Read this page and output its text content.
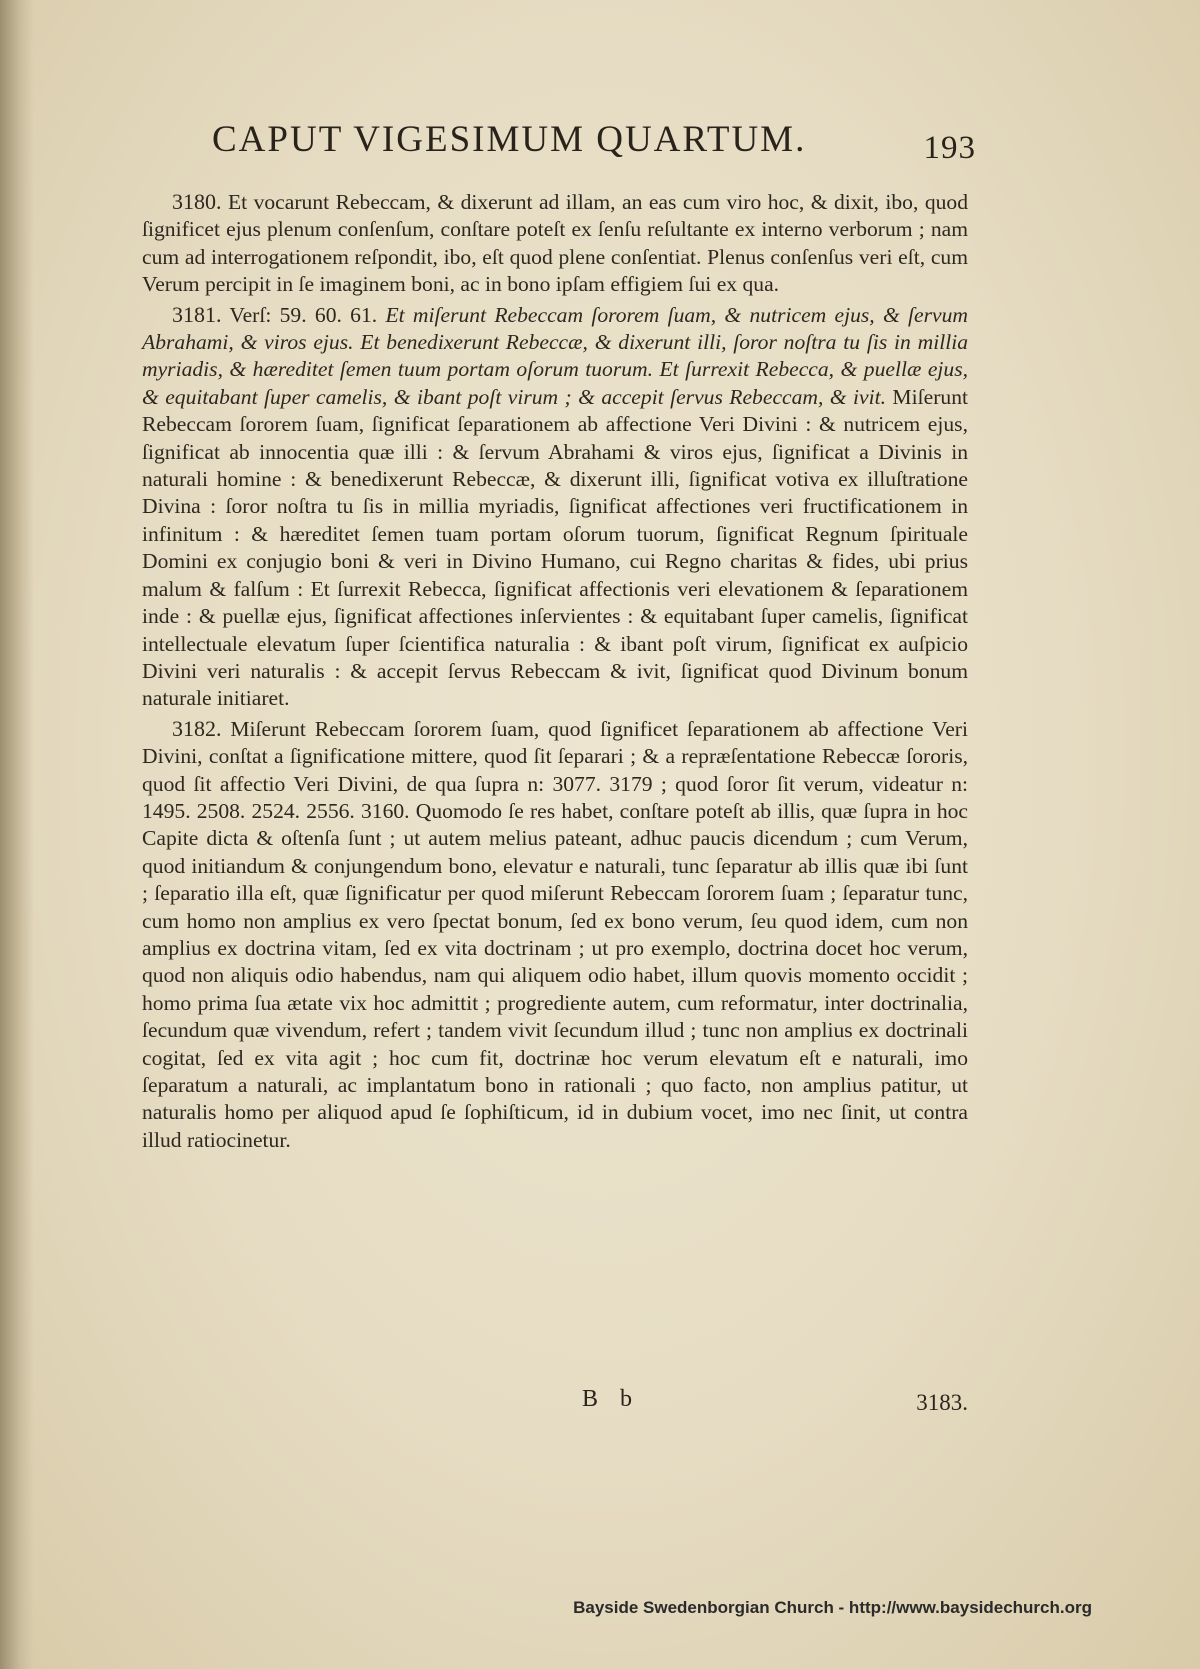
CAPUT VIGESIMUM QUARTUM.	193

3180. Et vocarunt Rebeccam, & dixerunt ad illam, an eas cum viro hoc, & dixit, ibo, quod ſignificet ejus plenum conſenſum, conſtare poteſt ex ſenſu reſultante ex interno verborum ; nam cum ad interrogationem reſpondit, ibo, eſt quod plene conſentiat. Plenus conſenſus veri eſt, cum Verum percipit in ſe imaginem boni, ac in bono ipſam effigiem ſui ex qua.

3181. Verſ: 59. 60. 61. Et miſerunt Rebeccam ſororem ſuam, & nutricem ejus, & ſervum Abrahami, & viros ejus. Et benedixerunt Rebeccæ, & dixerunt illi, ſoror noſtra tu ſis in millia myriadis, & hæreditet ſemen tuum portam oſorum tuorum. Et ſurrexit Rebecca, & puellæ ejus, & equitabant ſuper camelis, & ibant poſt virum ; & accepit ſervus Rebeccam, & ivit. Miſerunt Rebeccam ſororem ſuam, ſignificat ſeparationem ab affectione Veri Divini : & nutricem ejus, ſignificat ab innocentia quæ illi : & ſervum Abrahami & viros ejus, ſignificat a Divinis in naturali homine : & benedixerunt Rebeccæ, & dixerunt illi, ſignificat votiva ex illuſtratione Divina : ſoror noſtra tu ſis in millia myriadis, ſignificat affectiones veri fructificationem in infinitum : & hæreditet ſemen tuam portam oſorum tuorum, ſignificat Regnum ſpirituale Domini ex conjugio boni & veri in Divino Humano, cui Regno charitas & fides, ubi prius malum & falſum : Et ſurrexit Rebecca, ſignificat affectionis veri elevationem & ſeparationem inde : & puellæ ejus, ſignificat affectiones inſervientes : & equitabant ſuper camelis, ſignificat intellectuale elevatum ſuper ſcientifica naturalia : & ibant poſt virum, ſignificat ex auſpicio Divini veri naturalis : & accepit ſervus Rebeccam & ivit, ſignificat quod Divinum bonum naturale initiaret.

3182. Miſerunt Rebeccam ſororem ſuam, quod ſignificet ſeparationem ab affectione Veri Divini, conſtat a ſignificatione mittere, quod ſit ſeparari ; & a repræſentatione Rebeccæ ſororis, quod ſit affectio Veri Divini, de qua ſupra n: 3077. 3179 ; quod ſoror ſit verum, videatur n: 1495. 2508. 2524. 2556. 3160. Quomodo ſe res habet, conſtare poteſt ab illis, quæ ſupra in hoc Capite dicta & oſtenſa ſunt ; ut autem melius pateant, adhuc paucis dicendum ; cum Verum, quod initiandum & conjungendum bono, elevatur e naturali, tunc ſeparatur ab illis quæ ibi ſunt ; ſeparatio illa eſt, quæ ſignificatur per quod miſerunt Rebeccam ſororem ſuam ; ſeparatur tunc, cum homo non amplius ex vero ſpectat bonum, ſed ex bono verum, ſeu quod idem, cum non amplius ex doctrina vitam, ſed ex vita doctrinam ; ut pro exemplo, doctrina docet hoc verum, quod non aliquis odio habendus, nam qui aliquem odio habet, illum quovis momento occidit ; homo prima ſua ætate vix hoc admittit ; progrediente autem, cum reformatur, inter doctrinalia, ſecundum quæ vivendum, refert ; tandem vivit ſecundum illud ; tunc non amplius ex doctrinali cogitat, ſed ex vita agit ; hoc cum fit, doctrinæ hoc verum elevatum eſt e naturali, imo ſeparatum a naturali, ac implantatum bono in rationali ; quo facto, non amplius patitur, ut naturalis homo per aliquod apud ſe ſophiſticum, id in dubium vocet, imo nec ſinit, ut contra illud ratiocinetur.

B b	3183.
Bayside Swedenborgian Church - http://www.baysidechurch.org
